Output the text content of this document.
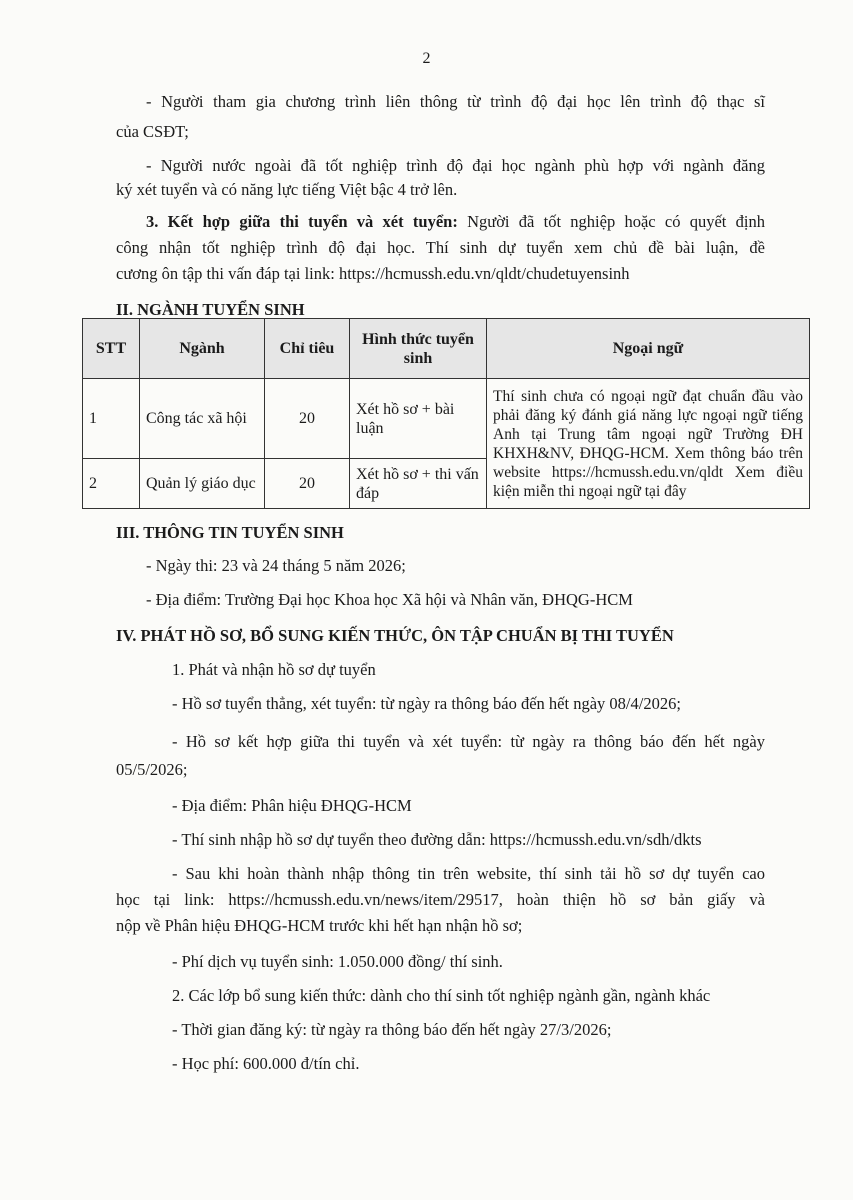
2
- Người tham gia chương trình liên thông từ trình độ đại học lên trình độ thạc sĩ
của CSĐT;
- Người nước ngoài đã tốt nghiệp trình độ đại học ngành phù hợp với ngành đăng
ký xét tuyển và có năng lực tiếng Việt bậc 4 trở lên.
3. Kết hợp giữa thi tuyển và xét tuyển: Người đã tốt nghiệp hoặc có quyết định
công nhận tốt nghiệp trình độ đại học. Thí sinh dự tuyển xem chủ đề bài luận, đề
cương ôn tập thi vấn đáp tại link: https://hcmussh.edu.vn/qldt/chudetuyensinh
II. NGÀNH TUYỂN SINH
STT	Ngành	Chỉ tiêu	Hình thức tuyển sinh	Ngoại ngữ
1	Công tác xã hội	20	Xét hồ sơ + bài luận	Thí sinh chưa có ngoại ngữ đạt chuẩn đầu vào phải đăng ký đánh giá năng lực ngoại ngữ tiếng Anh tại Trung tâm ngoại ngữ Trường ĐH KHXH&NV, ĐHQG-HCM. Xem thông báo trên website https://hcmussh.edu.vn/qldt Xem điều kiện miễn thi ngoại ngữ tại đây
2	Quản lý giáo dục	20	Xét hồ sơ + thi vấn đáp	
III. THÔNG TIN TUYỂN SINH
- Ngày thi: 23 và 24 tháng 5 năm 2026;
- Địa điểm: Trường Đại học Khoa học Xã hội và Nhân văn, ĐHQG-HCM
IV. PHÁT HỒ SƠ, BỔ SUNG KIẾN THỨC, ÔN TẬP CHUẨN BỊ THI TUYỂN
1. Phát và nhận hồ sơ dự tuyển
- Hồ sơ tuyển thẳng, xét tuyển: từ ngày ra thông báo đến hết ngày 08/4/2026;
- Hồ sơ kết hợp giữa thi tuyển và xét tuyển: từ ngày ra thông báo đến hết ngày
05/5/2026;
- Địa điểm: Phân hiệu ĐHQG-HCM
- Thí sinh nhập hồ sơ dự tuyển theo đường dẫn: https://hcmussh.edu.vn/sdh/dkts
- Sau khi hoàn thành nhập thông tin trên website, thí sinh tải hồ sơ dự tuyển cao
học tại link: https://hcmussh.edu.vn/news/item/29517, hoàn thiện hồ sơ bản giấy và
nộp về Phân hiệu ĐHQG-HCM trước khi hết hạn nhận hồ sơ;
- Phí dịch vụ tuyển sinh: 1.050.000 đồng/ thí sinh.
2. Các lớp bổ sung kiến thức: dành cho thí sinh tốt nghiệp ngành gần, ngành khác
- Thời gian đăng ký: từ ngày ra thông báo đến hết ngày 27/3/2026;
- Học phí: 600.000 đ/tín chỉ.
